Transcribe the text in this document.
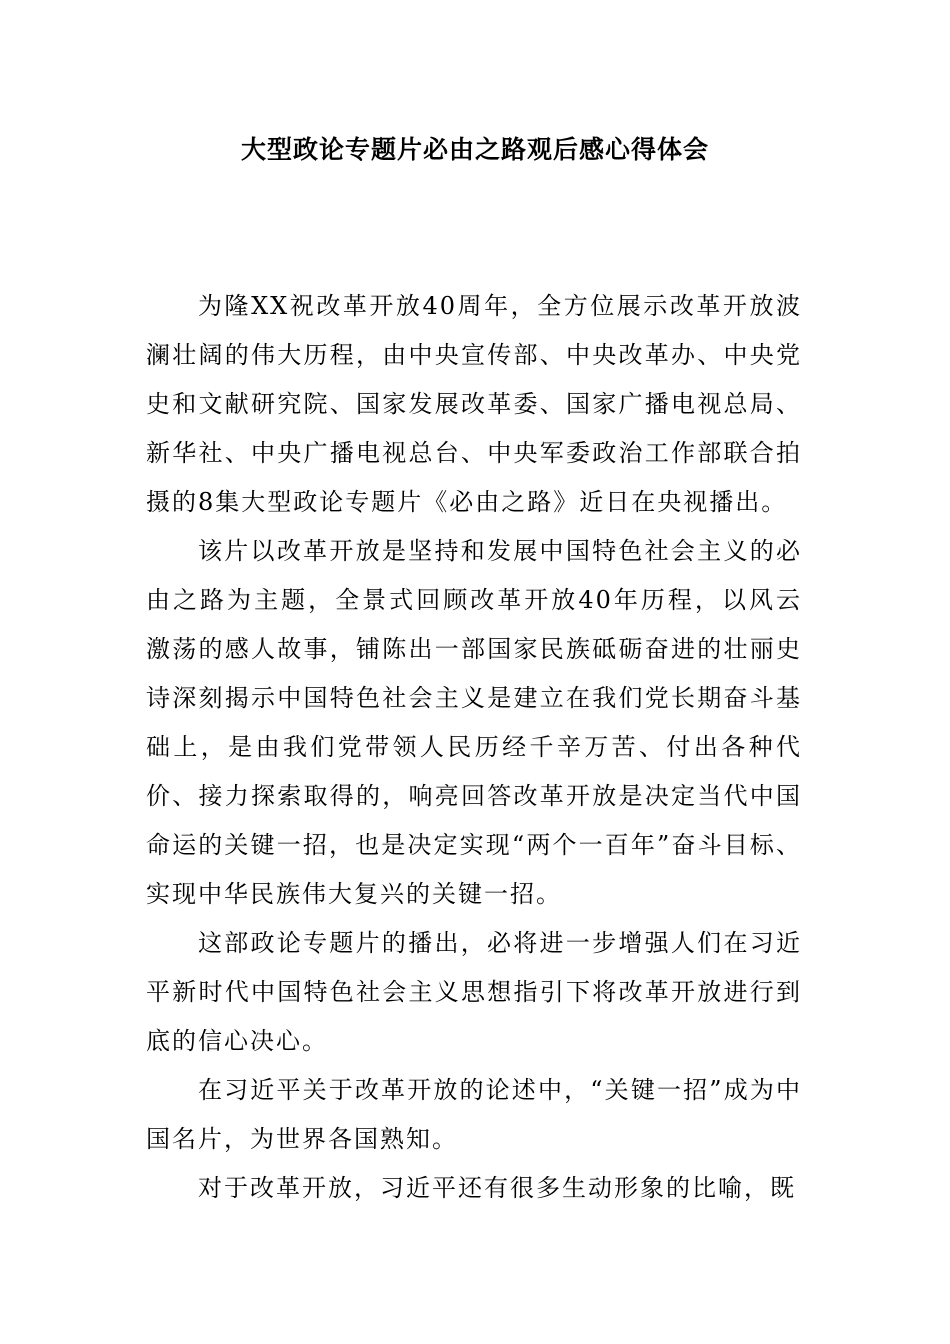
大型政论专题片必由之路观后感心得体会

为隆XX祝改革开放40周年，全方位展示改革开放波澜壮阔的伟大历程，由中央宣传部、中央改革办、中央党史和文献研究院、国家发展改革委、国家广播电视总局、新华社、中央广播电视总台、中央军委政治工作部联合拍摄的8集大型政论专题片《必由之路》近日在央视播出。

该片以改革开放是坚持和发展中国特色社会主义的必由之路为主题，全景式回顾改革开放40年历程，以风云激荡的感人故事，铺陈出一部国家民族砥砺奋进的壮丽史诗深刻揭示中国特色社会主义是建立在我们党长期奋斗基础上，是由我们党带领人民历经千辛万苦、付出各种代价、接力探索取得的，响亮回答改革开放是决定当代中国命运的关键一招，也是决定实现“两个一百年”奋斗目标、实现中华民族伟大复兴的关键一招。

这部政论专题片的播出，必将进一步增强人们在习近平新时代中国特色社会主义思想指引下将改革开放进行到底的信心决心。

在习近平关于改革开放的论述中，“关键一招”成为中国名片，为世界各国熟知。

对于改革开放，习近平还有很多生动形象的比喻，既
